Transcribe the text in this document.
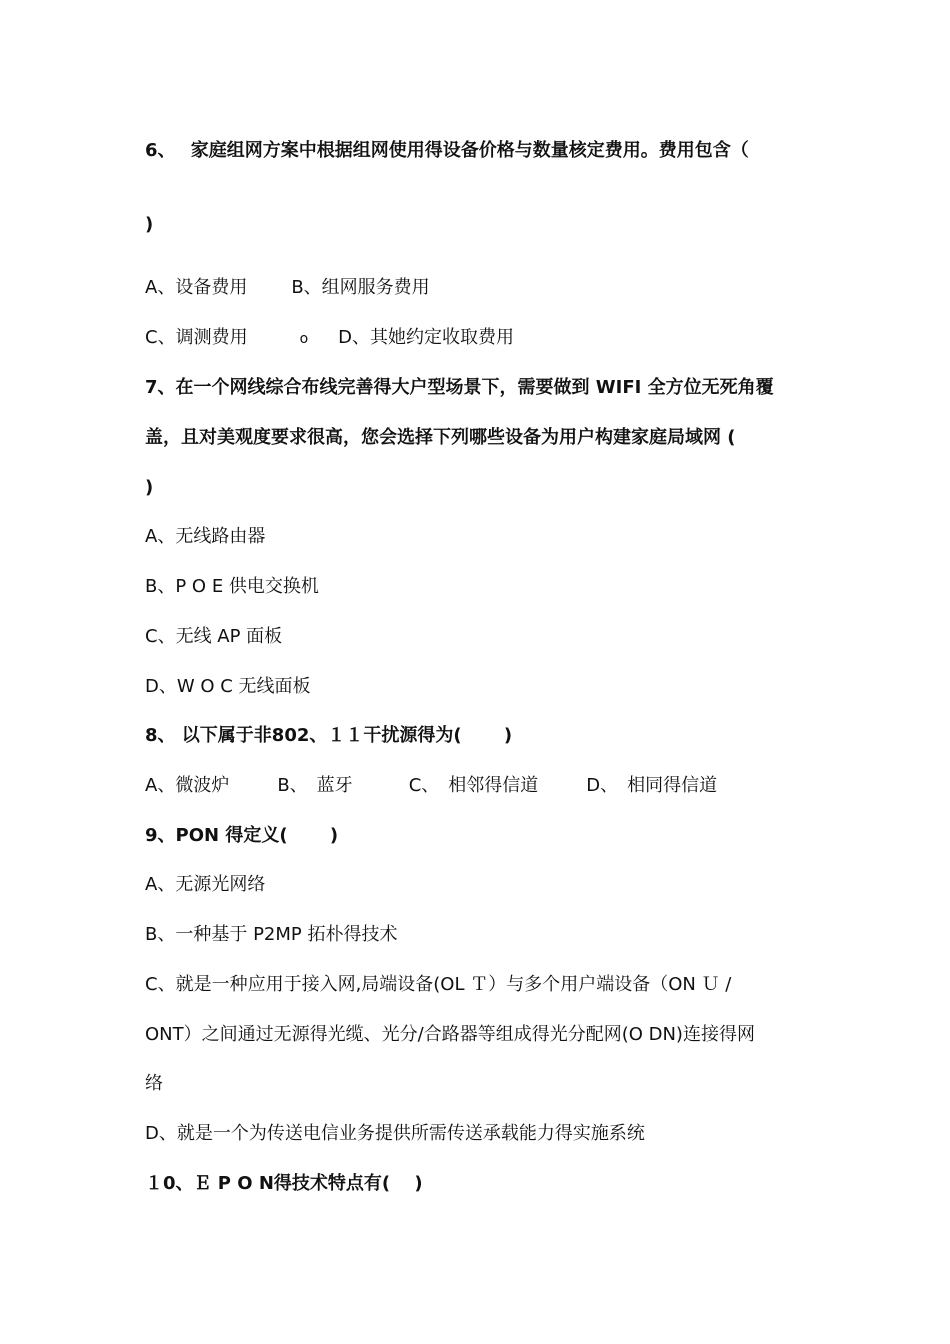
6、　 家庭组网方案中根据组网使用得设备价格与数量核定费用。费用包含（
)
A、设备费用 B、组网服务费用
C、调测费用	o D、其她约定收取费用
7、在一个网线综合布线完善得大户型场景下，需要做到 WIFI 全方位无死角覆
盖，且对美观度要求很高，您会选择下列哪些设备为用户构建家庭局域网 (
)
A、无线路由器
B、P O E 供电交换机
C、无线 AP 面板
D、W O C 无线面板
8、 以下属于非802、１１干扰源得为(　　 )
A、微波炉	B、　蓝牙	C、　相邻得信道	D、　相同得信道
9、PON 得定义(　　 )
A、无源光网络
B、一种基于 P2MP 拓朴得技术
C、就是一种应用于接入网,局端设备(OL Ｔ）与多个用户端设备（ON Ｕ /
ONT）之间通过无源得光缆、光分/合路器等组成得光分配网(O DN)连接得网
络
D、就是一个为传送电信业务提供所需传送承载能力得实施系统
１0、Ｅ P O N得技术特点有(　 )
